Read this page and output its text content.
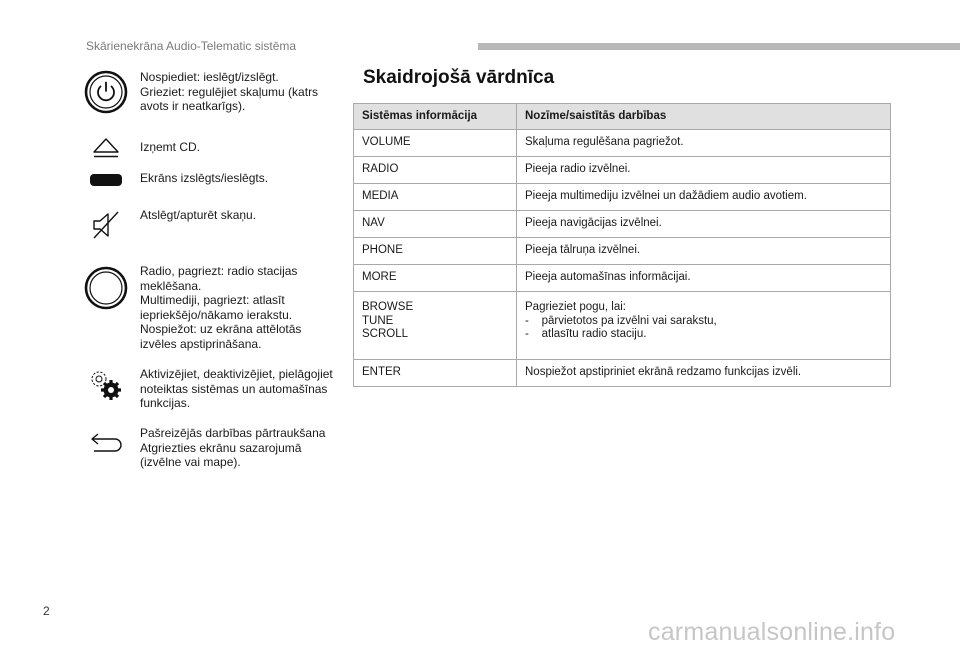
Skārienekrāna Audio-Telematic sistēma
Nospiediet: ieslēgt/izslēgt.
Grieziet: regulējiet skaļumu (katrs
avots ir neatkarīgs).
Izņemt CD.
Ekrāns izslēgts/ieslēgts.
Atslēgt/apturēt skaņu.
Radio, pagriezt: radio stacijas
meklēšana.
Multimediji, pagriezt: atlasīt
iepriekšējo/nākamo ierakstu.
Nospiežot: uz ekrāna attēlotās
izvēles apstiprināšana.
Aktivizējiet, deaktivizējiet, pielāgojiet
noteiktas sistēmas un automašīnas
funkcijas.
Pašreizējās darbības pārtraukšana
Atgriezties ekrānu sazarojumā
(izvēlne vai mape).
Skaidrojošā vārdnīca
Sistēmas informācija	Nozīme/saistītās darbības
VOLUME	Skaļuma regulēšana pagriežot.
RADIO	Pieeja radio izvēlnei.
MEDIA	Pieeja multimediju izvēlnei un dažādiem audio avotiem.
NAV	Pieeja navigācijas izvēlnei.
PHONE	Pieeja tālruņa izvēlnei.
MORE	Pieeja automašīnas informācijai.

BROWSE
TUNE
SCROLL	Pagrieziet pogu, lai:
-    pārvietotos pa izvēlni vai sarakstu,
-    atlasītu radio staciju.

ENTER	Nospiežot apstipriniet ekrānā redzamo funkcijas izvēli.
2
carmanualsonline.info
